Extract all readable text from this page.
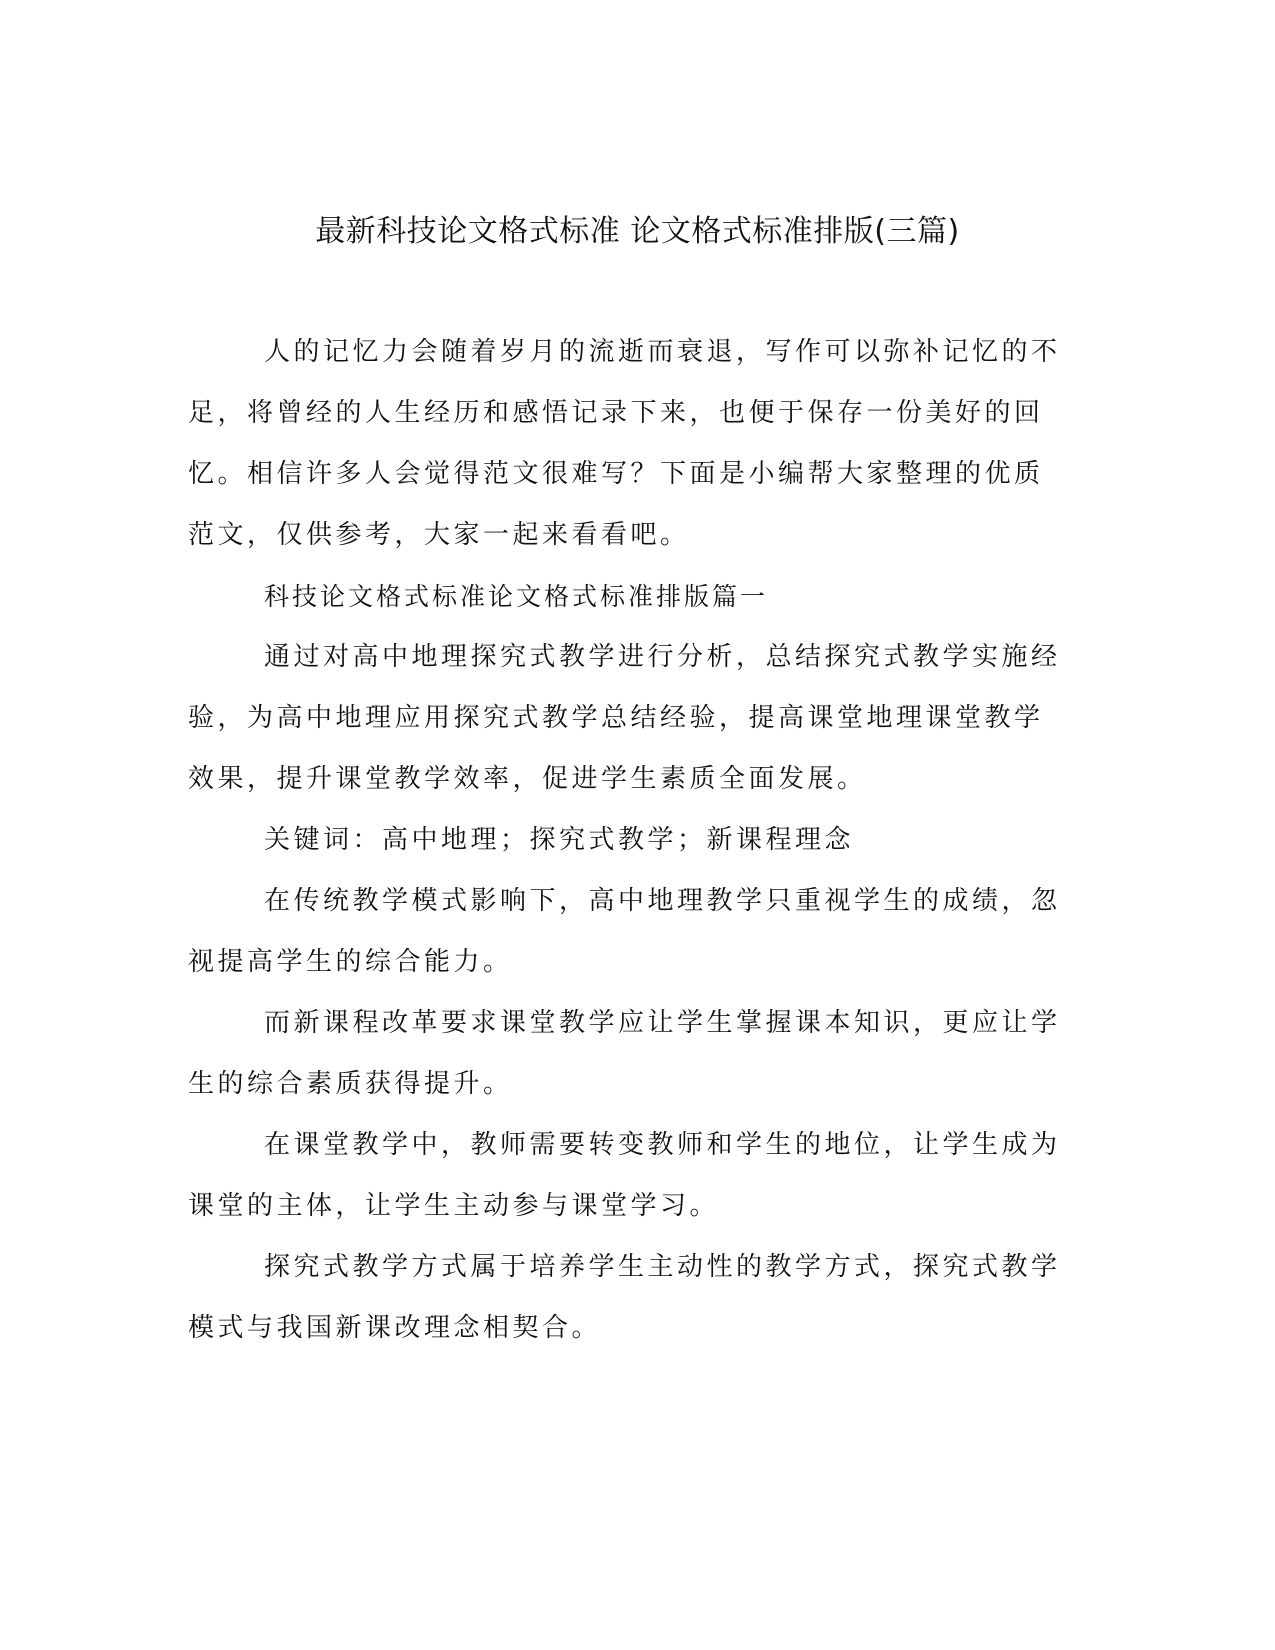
最新科技论文格式标准 论文格式标准排版(三篇)

人的记忆力会随着岁月的流逝而衰退，写作可以弥补记忆的不足，将曾经的人生经历和感悟记录下来，也便于保存一份美好的回忆。相信许多人会觉得范文很难写？下面是小编帮大家整理的优质范文，仅供参考，大家一起来看看吧。

科技论文格式标准论文格式标准排版篇一

通过对高中地理探究式教学进行分析，总结探究式教学实施经验，为高中地理应用探究式教学总结经验，提高课堂地理课堂教学效果，提升课堂教学效率，促进学生素质全面发展。

关键词：高中地理；探究式教学；新课程理念

在传统教学模式影响下，高中地理教学只重视学生的成绩，忽视提高学生的综合能力。

而新课程改革要求课堂教学应让学生掌握课本知识，更应让学生的综合素质获得提升。

在课堂教学中，教师需要转变教师和学生的地位，让学生成为课堂的主体，让学生主动参与课堂学习。

探究式教学方式属于培养学生主动性的教学方式，探究式教学模式与我国新课改理念相契合。
